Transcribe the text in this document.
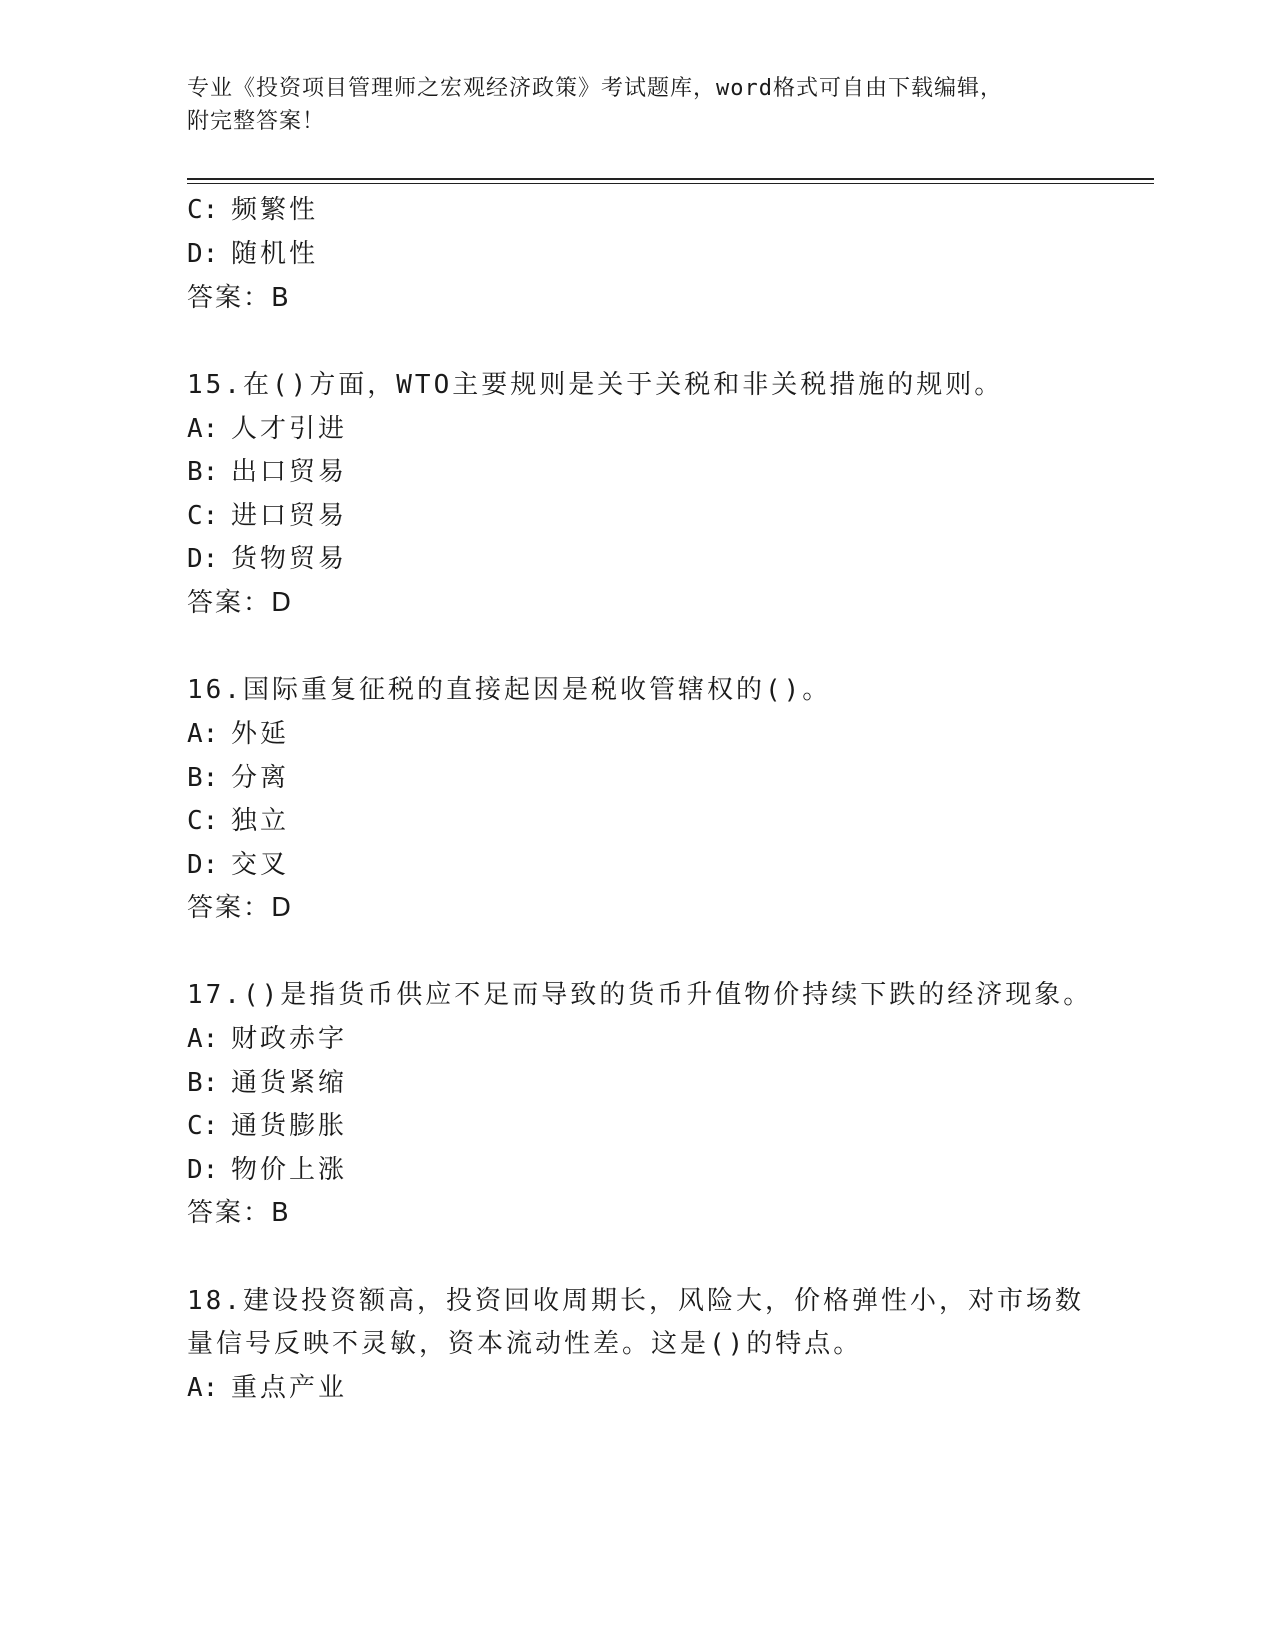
专业《投资项目管理师之宏观经济政策》考试题库，word格式可自由下载编辑，
附完整答案！
C: 频繁性
D: 随机性
答案：B
15.在()方面，WTO主要规则是关于关税和非关税措施的规则。
A: 人才引进
B: 出口贸易
C: 进口贸易
D: 货物贸易
答案：D
16.国际重复征税的直接起因是税收管辖权的()。
A: 外延
B: 分离
C: 独立
D: 交叉
答案：D
17.()是指货币供应不足而导致的货币升值物价持续下跌的经济现象。
A: 财政赤字
B: 通货紧缩
C: 通货膨胀
D: 物价上涨
答案：B
18.建设投资额高，投资回收周期长，风险大，价格弹性小，对市场数
量信号反映不灵敏，资本流动性差。这是()的特点。
A: 重点产业
